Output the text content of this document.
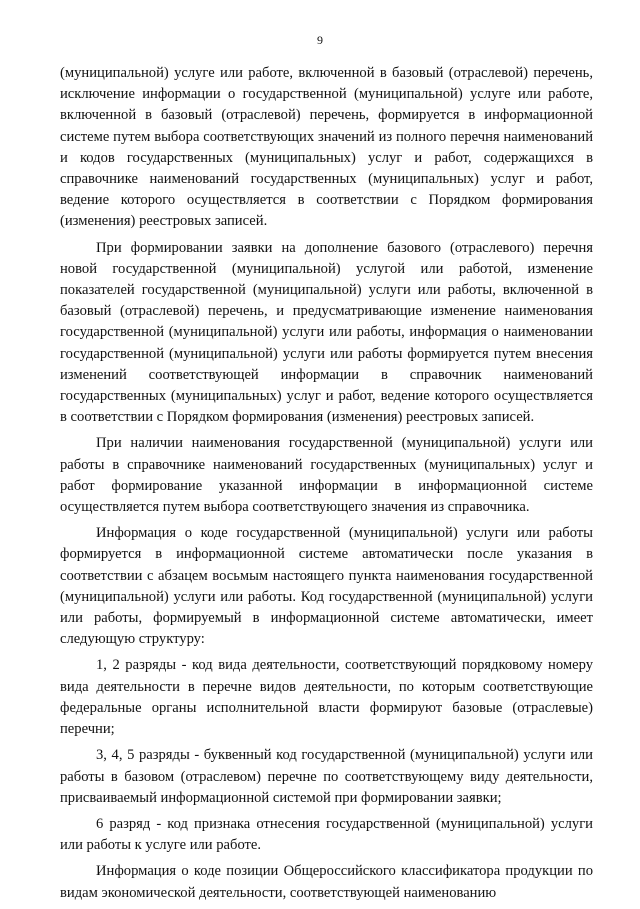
9

(муниципальной) услуге или работе, включенной в базовый (отраслевой) перечень, исключение информации о государственной (муниципальной) услуге или работе, включенной в базовый (отраслевой) перечень, формируется в информационной системе путем выбора соответствующих значений из полного перечня наименований и кодов государственных (муниципальных) услуг и работ, содержащихся в справочнике наименований государственных (муниципальных) услуг и работ, ведение которого осуществляется в соответствии с Порядком формирования (изменения) реестровых записей.

При формировании заявки на дополнение базового (отраслевого) перечня новой государственной (муниципальной) услугой или работой, изменение показателей государственной (муниципальной) услуги или работы, включенной в базовый (отраслевой) перечень, и предусматривающие изменение наименования государственной (муниципальной) услуги или работы, информация о наименовании государственной (муниципальной) услуги или работы формируется путем внесения изменений соответствующей информации в справочник наименований государственных (муниципальных) услуг и работ, ведение которого осуществляется в соответствии с Порядком формирования (изменения) реестровых записей.

При наличии наименования государственной (муниципальной) услуги или работы в справочнике наименований государственных (муниципальных) услуг и работ формирование указанной информации в информационной системе осуществляется путем выбора соответствующего значения из справочника.

Информация о коде государственной (муниципальной) услуги или работы формируется в информационной системе автоматически после указания в соответствии с абзацем восьмым настоящего пункта наименования государственной (муниципальной) услуги или работы. Код государственной (муниципальной) услуги или работы, формируемый в информационной системе автоматически, имеет следующую структуру:

1, 2 разряды - код вида деятельности, соответствующий порядковому номеру вида деятельности в перечне видов деятельности, по которым соответствующие федеральные органы исполнительной власти формируют базовые (отраслевые) перечни;

3, 4, 5 разряды - буквенный код государственной (муниципальной) услуги или работы в базовом (отраслевом) перечне по соответствующему виду деятельности, присваиваемый информационной системой при формировании заявки;

6 разряд - код признака отнесения государственной (муниципальной) услуги или работы к услуге или работе.

Информация о коде позиции Общероссийского классификатора продукции по видам экономической деятельности, соответствующей наименованию
